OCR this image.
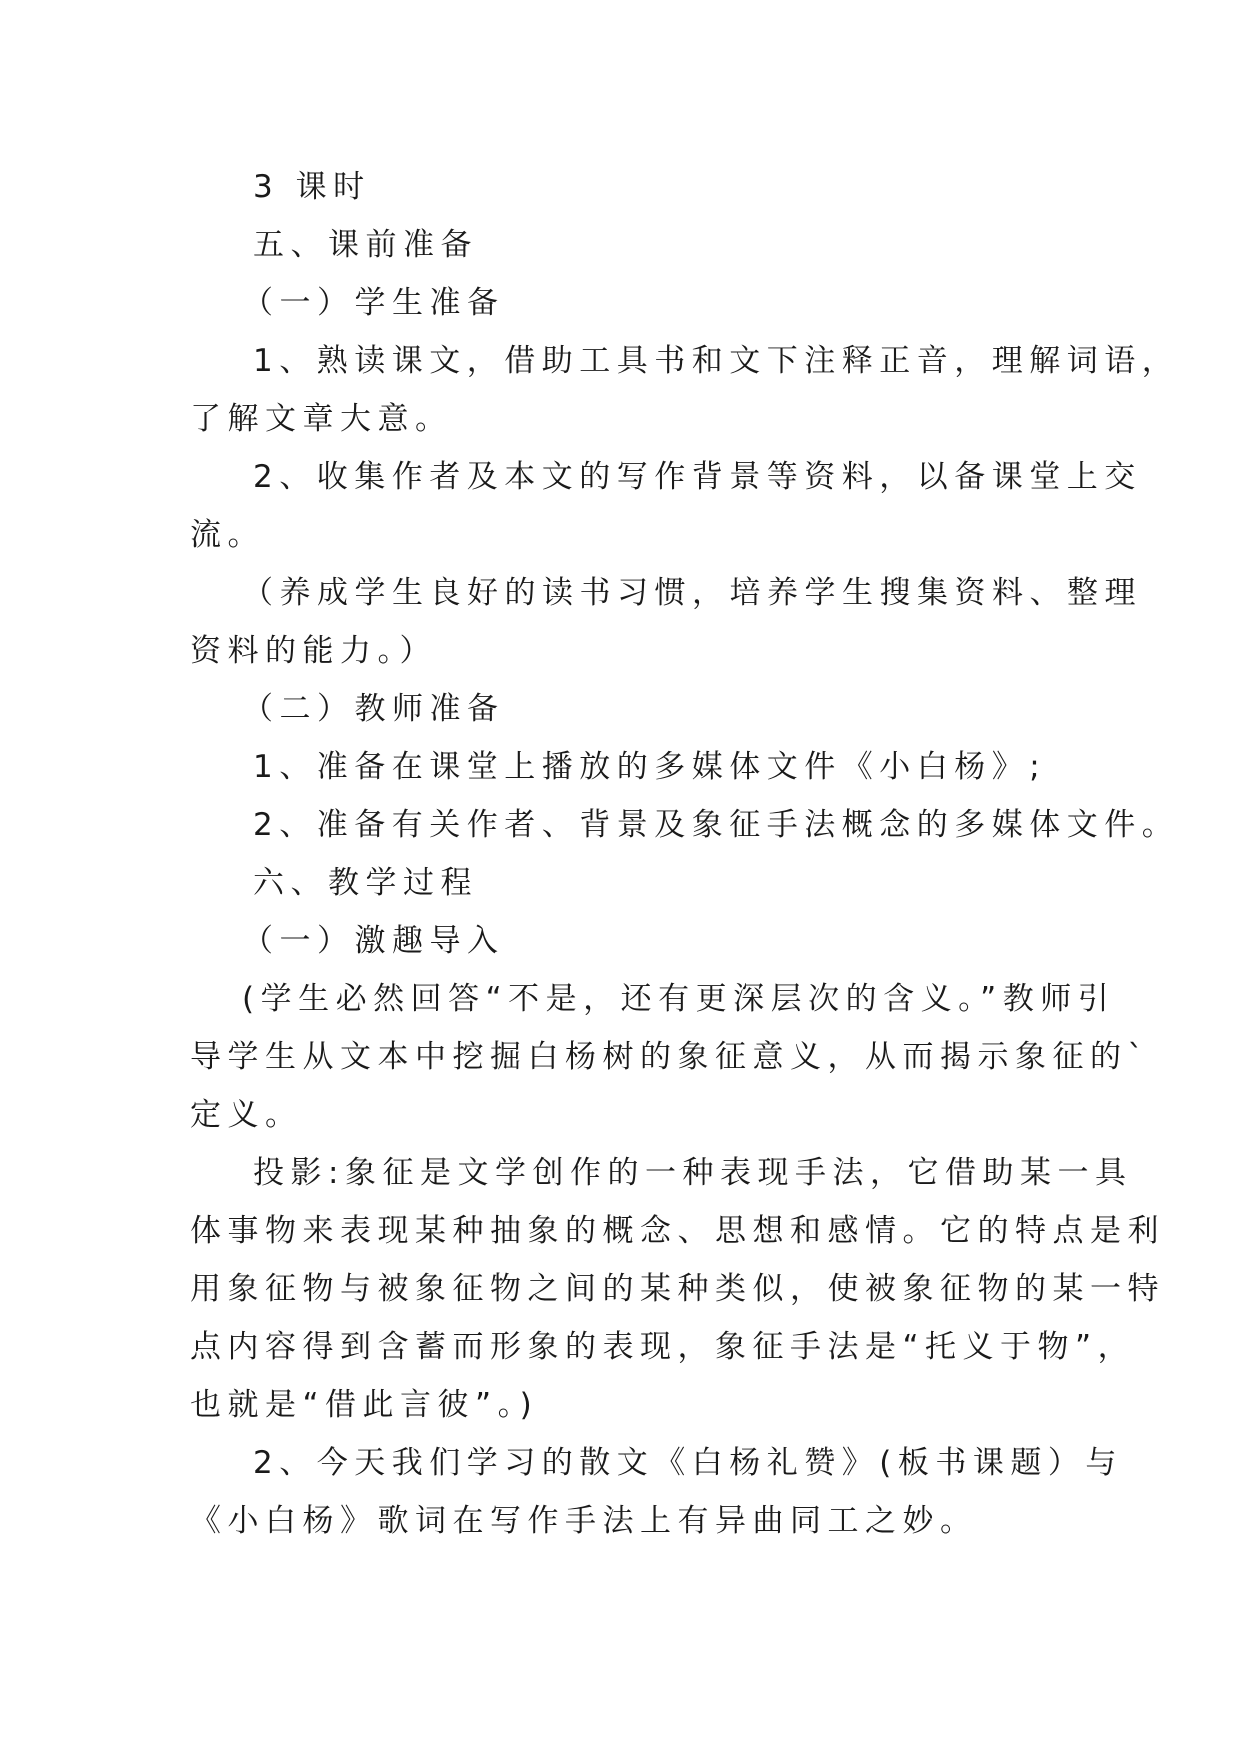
3 课时
五、课前准备
（一）学生准备
1、熟读课文，借助工具书和文下注释正音，理解词语，
了解文章大意。
2、收集作者及本文的写作背景等资料，以备课堂上交
流。
（养成学生良好的读书习惯，培养学生搜集资料、整理
资料的能力。）
（二）教师准备
1、准备在课堂上播放的多媒体文件《小白杨》;
2、准备有关作者、背景及象征手法概念的多媒体文件。
六、教学过程
（一）激趣导入
(学生必然回答“不是，还有更深层次的含义。”教师引
导学生从文本中挖掘白杨树的象征意义，从而揭示象征的`
定义。
投影:象征是文学创作的一种表现手法，它借助某一具
体事物来表现某种抽象的概念、思想和感情。它的特点是利
用象征物与被象征物之间的某种类似，使被象征物的某一特
点内容得到含蓄而形象的表现，象征手法是“托义于物”，
也就是“借此言彼”。)
2、今天我们学习的散文《白杨礼赞》(板书课题）与
《小白杨》歌词在写作手法上有异曲同工之妙。
